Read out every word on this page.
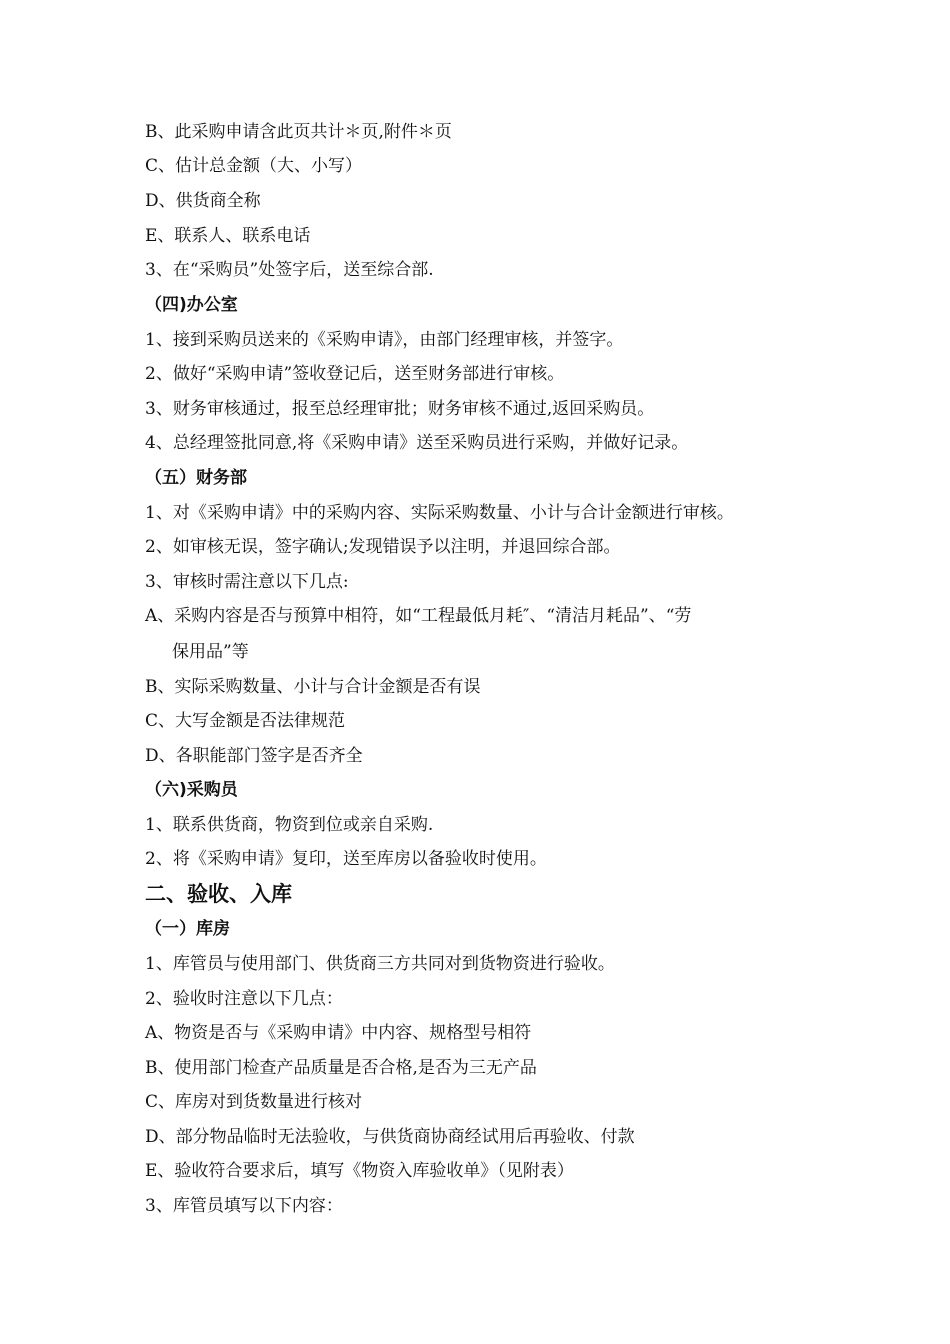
B、此采购申请含此页共计＊页,附件＊页
C、估计总金额（大、小写）
D、供货商全称
E、联系人、联系电话
3、在“采购员”处签字后，送至综合部.
（四)办公室
1、接到采购员送来的《采购申请》，由部门经理审核，并签字。
2、做好“采购申请”签收登记后，送至财务部进行审核。
3、财务审核通过，报至总经理审批；财务审核不通过,返回采购员。
4、总经理签批同意,将《采购申请》送至采购员进行采购，并做好记录。
（五）财务部
1、对《采购申请》中的采购内容、实际采购数量、小计与合计金额进行审核。
2、如审核无误，签字确认;发现错误予以注明，并退回综合部。
3、审核时需注意以下几点:
A、采购内容是否与预算中相符，如“工程最低月耗″、“清洁月耗品”、“劳
保用品”等
B、实际采购数量、小计与合计金额是否有误
C、大写金额是否法律规范
D、各职能部门签字是否齐全
（六)采购员
1、联系供货商，物资到位或亲自采购.
2、将《采购申请》复印，送至库房以备验收时使用。
二、验收、入库
（一）库房
1、库管员与使用部门、供货商三方共同对到货物资进行验收。
2、验收时注意以下几点：
A、物资是否与《采购申请》中内容、规格型号相符
B、使用部门检查产品质量是否合格,是否为三无产品
C、库房对到货数量进行核对
D、部分物品临时无法验收，与供货商协商经试用后再验收、付款
E、验收符合要求后，填写《物资入库验收单》（见附表）
3、库管员填写以下内容：
